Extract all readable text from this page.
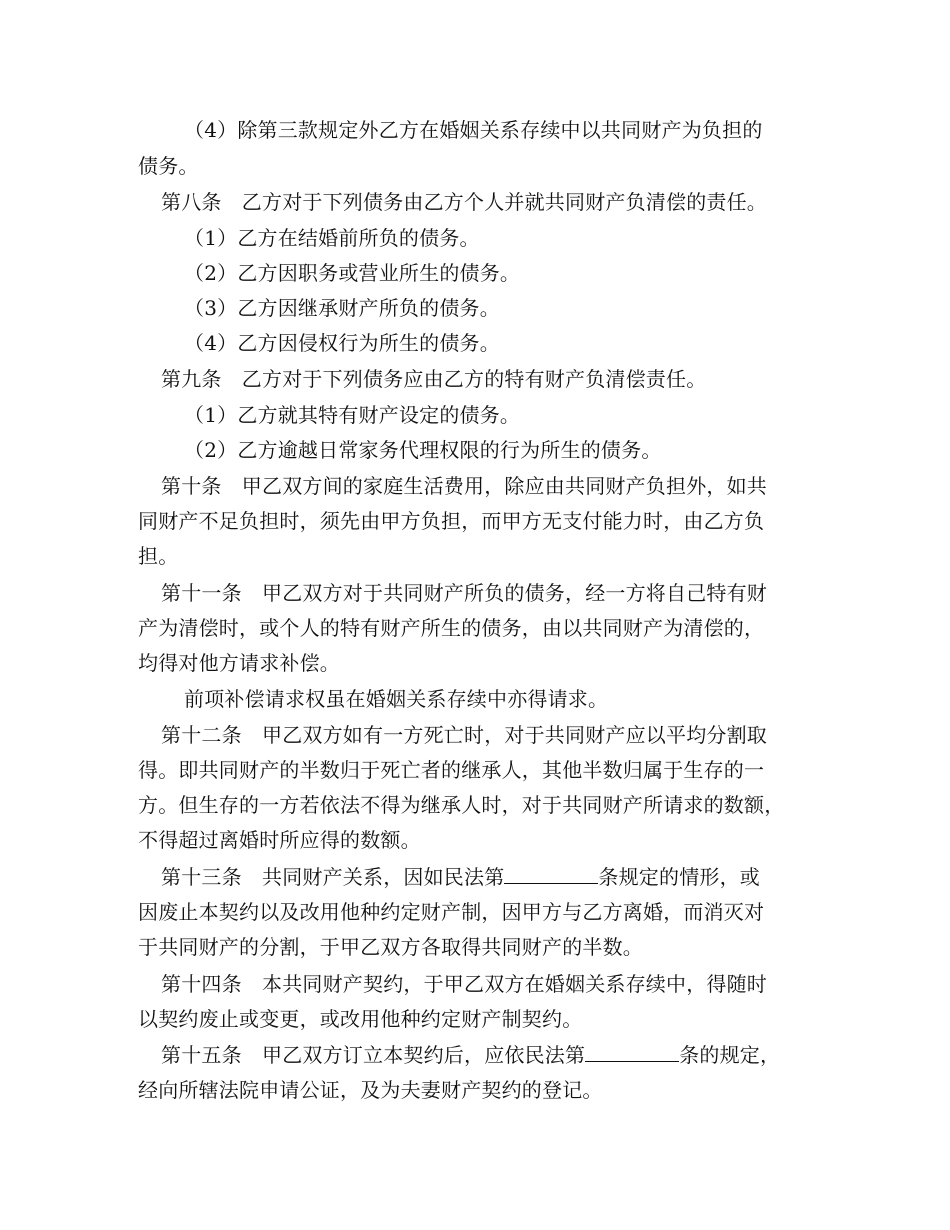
（4）除第三款规定外乙方在婚姻关系存续中以共同财产为负担的
债务。
第八条　乙方对于下列债务由乙方个人并就共同财产负清偿的责任。
（1）乙方在结婚前所负的债务。
（2）乙方因职务或营业所生的债务。
（3）乙方因继承财产所负的债务。
（4）乙方因侵权行为所生的债务。
第九条　乙方对于下列债务应由乙方的特有财产负清偿责任。
（1）乙方就其特有财产设定的债务。
（2）乙方逾越日常家务代理权限的行为所生的债务。
第十条　甲乙双方间的家庭生活费用，除应由共同财产负担外，如共
同财产不足负担时，须先由甲方负担，而甲方无支付能力时，由乙方负
担。
第十一条　甲乙双方对于共同财产所负的债务，经一方将自己特有财
产为清偿时，或个人的特有财产所生的债务，由以共同财产为清偿的，
均得对他方请求补偿。
前项补偿请求权虽在婚姻关系存续中亦得请求。
第十二条　甲乙双方如有一方死亡时，对于共同财产应以平均分割取
得。即共同财产的半数归于死亡者的继承人，其他半数归属于生存的一
方。但生存的一方若依法不得为继承人时，对于共同财产所请求的数额，
不得超过离婚时所应得的数额。
第十三条　共同财产关系，因如民法第	条规定的情形，或
因废止本契约以及改用他种约定财产制，因甲方与乙方离婚，而消灭对
于共同财产的分割，于甲乙双方各取得共同财产的半数。
第十四条　本共同财产契约，于甲乙双方在婚姻关系存续中，得随时
以契约废止或变更，或改用他种约定财产制契约。
第十五条　甲乙双方订立本契约后，应依民法第	条的规定，
经向所辖法院申请公证，及为夫妻财产契约的登记。
